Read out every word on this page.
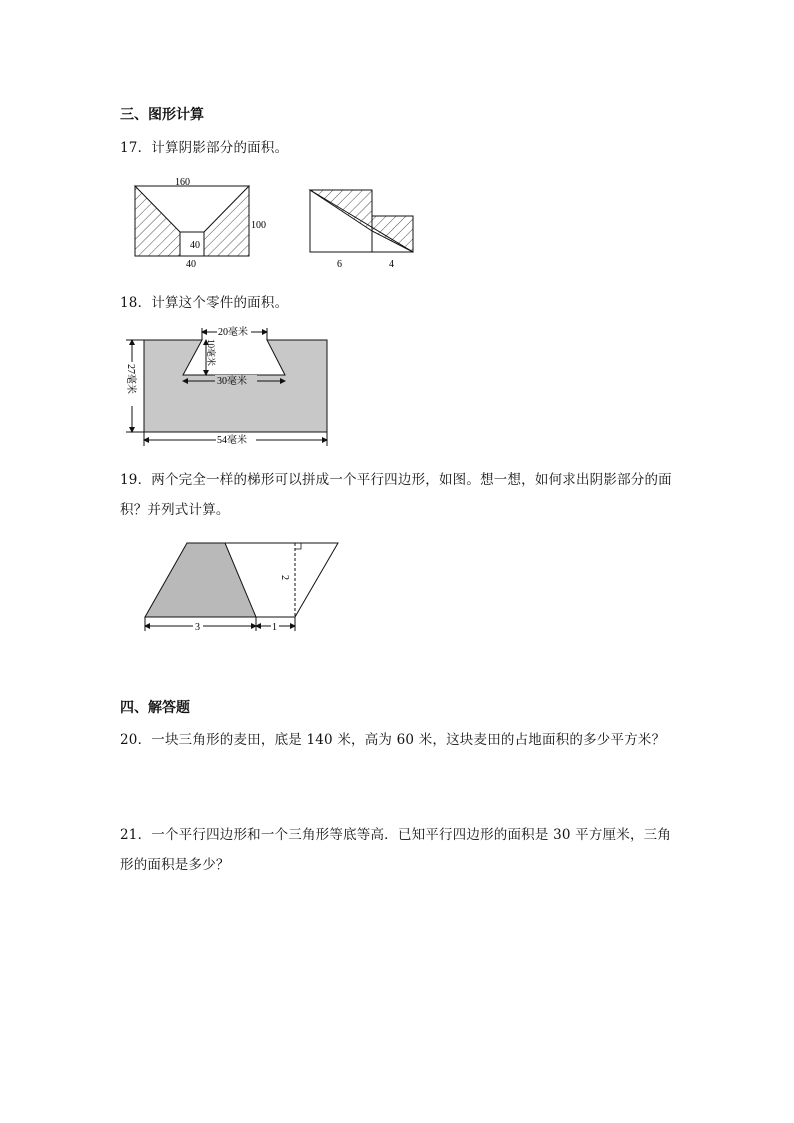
三、图形计算
17．计算阴影部分的面积。
160
100
40
40	6	4
18．计算这个零件的面积。
20毫米
10毫米
30毫米
27毫米
54毫米
19．两个完全一样的梯形可以拼成一个平行四边形，如图。想一想，如何求出阴影部分的面
积？并列式计算。
2
3	1
四、解答题
20．一块三角形的麦田，底是 140 米，高为 60 米，这块麦田的占地面积的多少平方米？
21．一个平行四边形和一个三角形等底等高．已知平行四边形的面积是 30 平方厘米，三角
形的面积是多少？
